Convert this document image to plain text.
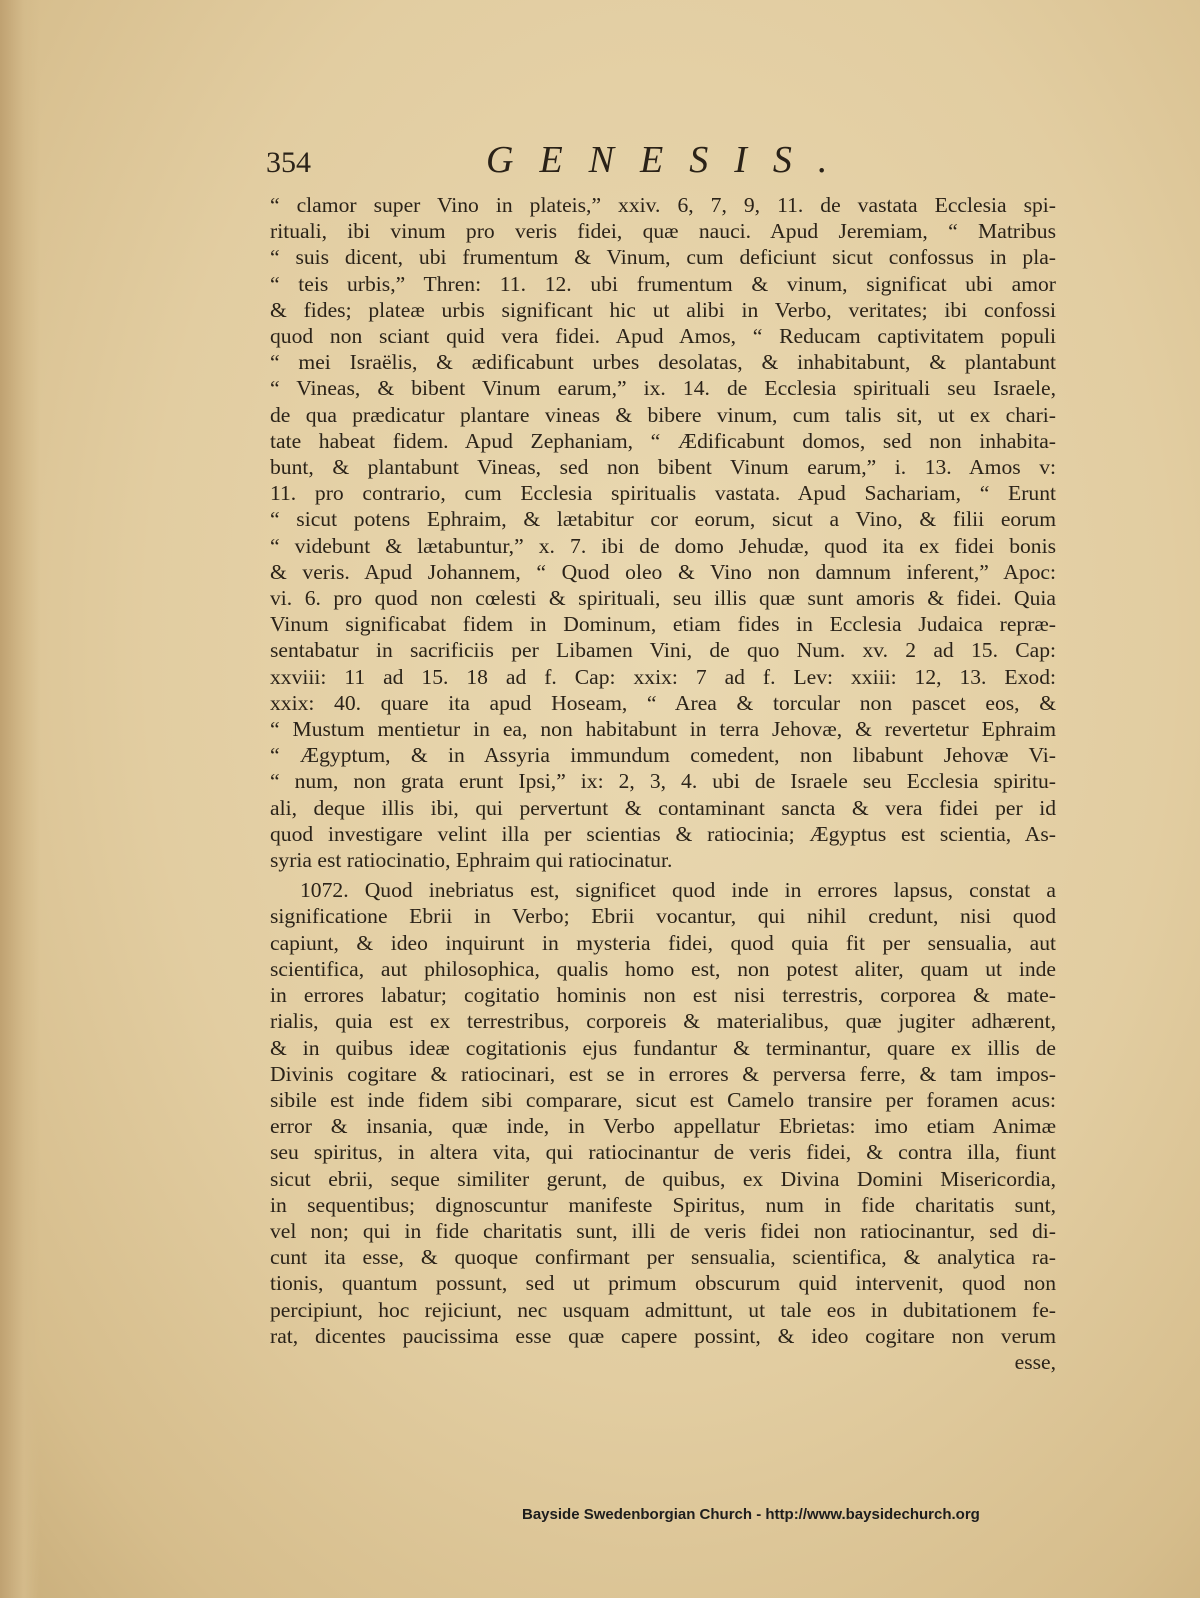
354	GENESIS.
“ clamor super Vino in plateis,” xxiv. 6, 7, 9, 11. de vastata Ecclesia spi-
rituali, ibi vinum pro veris fidei, quæ nauci. Apud Jeremiam, “ Matribus
“ suis dicent, ubi frumentum & Vinum, cum deficiunt sicut confossus in pla-
“ teis urbis,” Thren: 11. 12. ubi frumentum & vinum, significat ubi amor
& fides; plateæ urbis significant hic ut alibi in Verbo, veritates; ibi confossi
quod non sciant quid vera fidei. Apud Amos, “ Reducam captivitatem populi
“ mei Israëlis, & ædificabunt urbes desolatas, & inhabitabunt, & plantabunt
“ Vineas, & bibent Vinum earum,” ix. 14. de Ecclesia spirituali seu Israele,
de qua prædicatur plantare vineas & bibere vinum, cum talis sit, ut ex chari-
tate habeat fidem. Apud Zephaniam, “ Ædificabunt domos, sed non inhabita-
bunt, & plantabunt Vineas, sed non bibent Vinum earum,” i. 13. Amos v:
11. pro contrario, cum Ecclesia spiritualis vastata. Apud Sachariam, “ Erunt
“ sicut potens Ephraim, & lætabitur cor eorum, sicut a Vino, & filii eorum
“ videbunt & lætabuntur,” x. 7. ibi de domo Jehudæ, quod ita ex fidei bonis
& veris. Apud Johannem, “ Quod oleo & Vino non damnum inferent,” Apoc:
vi. 6. pro quod non cœlesti & spirituali, seu illis quæ sunt amoris & fidei. Quia
Vinum significabat fidem in Dominum, etiam fides in Ecclesia Judaica repræ-
sentabatur in sacrificiis per Libamen Vini, de quo Num. xv. 2 ad 15. Cap:
xxviii: 11 ad 15. 18 ad f. Cap: xxix: 7 ad f. Lev: xxiii: 12, 13. Exod:
xxix: 40. quare ita apud Hoseam, “ Area & torcular non pascet eos, &
“ Mustum mentietur in ea, non habitabunt in terra Jehovæ, & revertetur Ephraim
“ Ægyptum, & in Assyria immundum comedent, non libabunt Jehovæ Vi-
“ num, non grata erunt Ipsi,” ix: 2, 3, 4. ubi de Israele seu Ecclesia spiritu-
ali, deque illis ibi, qui pervertunt & contaminant sancta & vera fidei per id
quod investigare velint illa per scientias & ratiocinia; Ægyptus est scientia, As-
syria est ratiocinatio, Ephraim qui ratiocinatur.
1072. Quod inebriatus est, significet quod inde in errores lapsus, constat a
significatione Ebrii in Verbo; Ebrii vocantur, qui nihil credunt, nisi quod
capiunt, & ideo inquirunt in mysteria fidei, quod quia fit per sensualia, aut
scientifica, aut philosophica, qualis homo est, non potest aliter, quam ut inde
in errores labatur; cogitatio hominis non est nisi terrestris, corporea & mate-
rialis, quia est ex terrestribus, corporeis & materialibus, quæ jugiter adhærent,
& in quibus ideæ cogitationis ejus fundantur & terminantur, quare ex illis de
Divinis cogitare & ratiocinari, est se in errores & perversa ferre, & tam impos-
sibile est inde fidem sibi comparare, sicut est Camelo transire per foramen acus:
error & insania, quæ inde, in Verbo appellatur Ebrietas: imo etiam Animæ
seu spiritus, in altera vita, qui ratiocinantur de veris fidei, & contra illa, fiunt
sicut ebrii, seque similiter gerunt, de quibus, ex Divina Domini Misericordia,
in sequentibus; dignoscuntur manifeste Spiritus, num in fide charitatis sunt,
vel non; qui in fide charitatis sunt, illi de veris fidei non ratiocinantur, sed di-
cunt ita esse, & quoque confirmant per sensualia, scientifica, & analytica ra-
tionis, quantum possunt, sed ut primum obscurum quid intervenit, quod non
percipiunt, hoc rejiciunt, nec usquam admittunt, ut tale eos in dubitationem fe-
rat, dicentes paucissima esse quæ capere possint, & ideo cogitare non verum
esse,
Bayside Swedenborgian Church - http://www.baysidechurch.org
